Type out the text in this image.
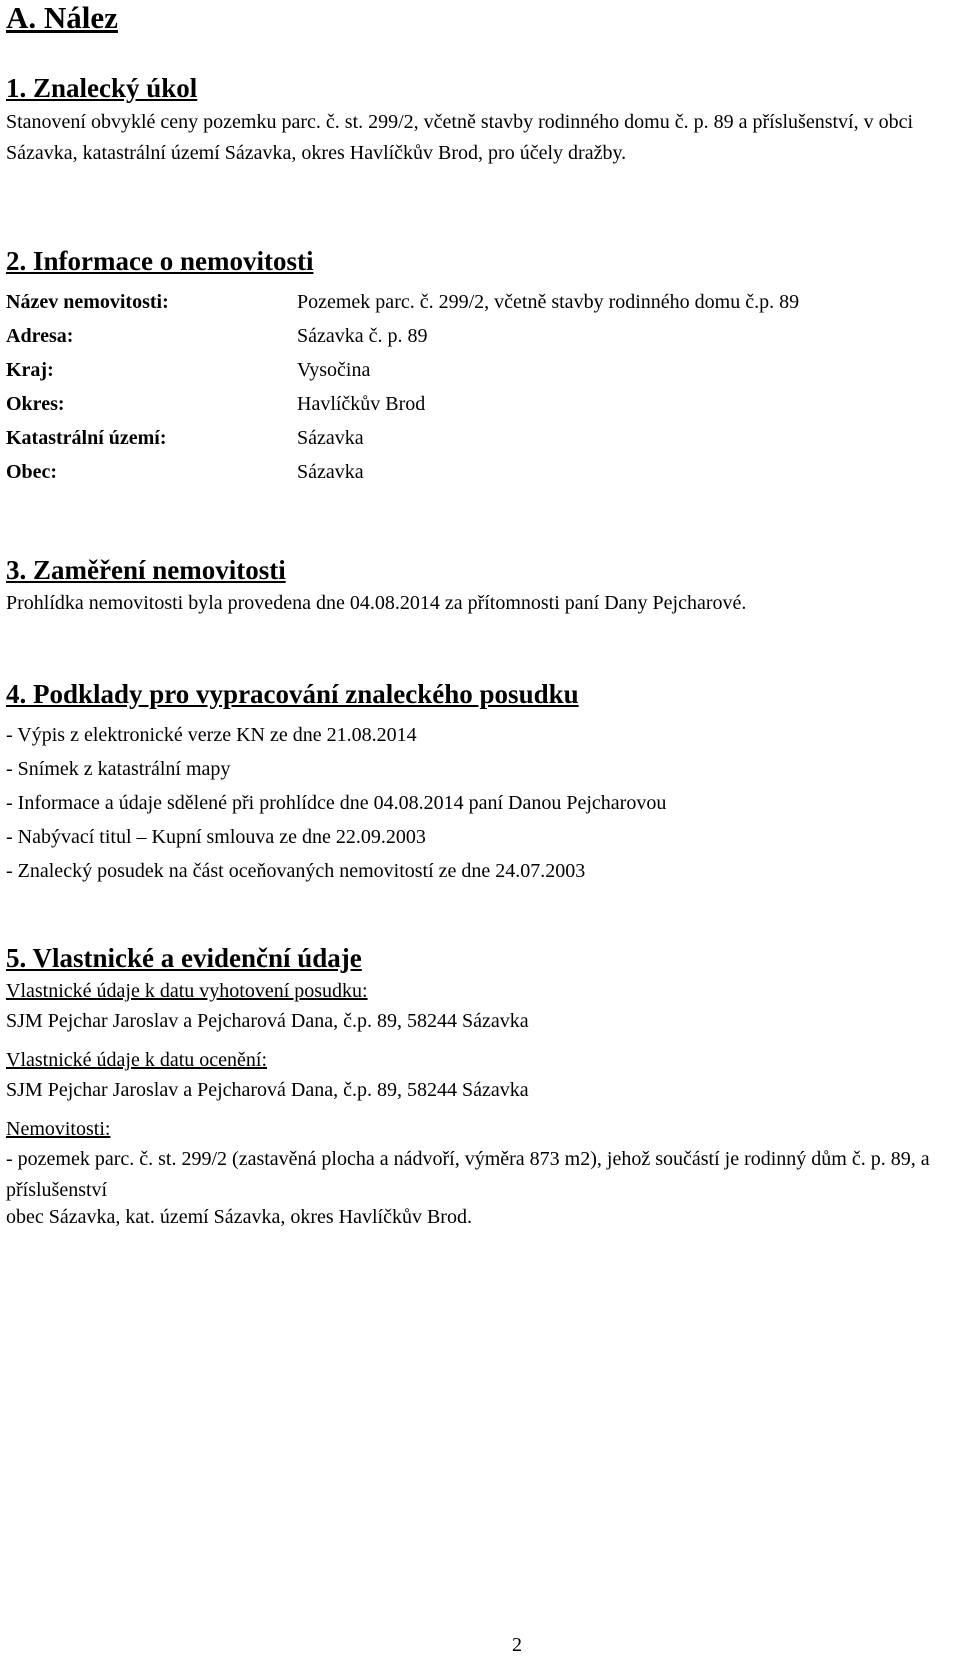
A. Nález
1. Znalecký úkol

Stanovení obvyklé ceny pozemku parc. č. st. 299/2, včetně stavby rodinného domu č. p. 89 a příslušenství, v obci Sázavka, katastrální území Sázavka, okres Havlíčkův Brod, pro účely dražby.

2. Informace o nemovitosti
Název nemovitosti:	Pozemek parc. č. 299/2, včetně stavby rodinného domu č.p. 89
Adresa:	Sázavka č. p. 89
Kraj:	Vysočina
Okres:	Havlíčkův Brod
Katastrální území:	Sázavka
Obec:	Sázavka
3. Zaměření nemovitosti

Prohlídka nemovitosti byla provedena dne 04.08.2014 za přítomnosti paní Dany Pejcharové.

4. Podklady pro vypracování znaleckého posudku
- Výpis z elektronické verze KN ze dne 21.08.2014
- Snímek z katastrální mapy
- Informace a údaje sdělené při prohlídce dne 04.08.2014 paní Danou Pejcharovou
- Nabývací titul – Kupní smlouva ze dne 22.09.2003
- Znalecký posudek na část oceňovaných nemovitostí ze dne 24.07.2003
5. Vlastnické a evidenční údaje

Vlastnické údaje k datu vyhotovení posudku:

SJM Pejchar Jaroslav a Pejcharová Dana, č.p. 89, 58244 Sázavka

Vlastnické údaje k datu ocenění:

SJM Pejchar Jaroslav a Pejcharová Dana, č.p. 89, 58244 Sázavka

Nemovitosti:

- pozemek parc. č. st. 299/2 (zastavěná plocha a nádvoří, výměra 873 m2), jehož součástí je rodinný dům č. p. 89, a příslušenství

obec Sázavka, kat. území Sázavka, okres Havlíčkův Brod.

2
